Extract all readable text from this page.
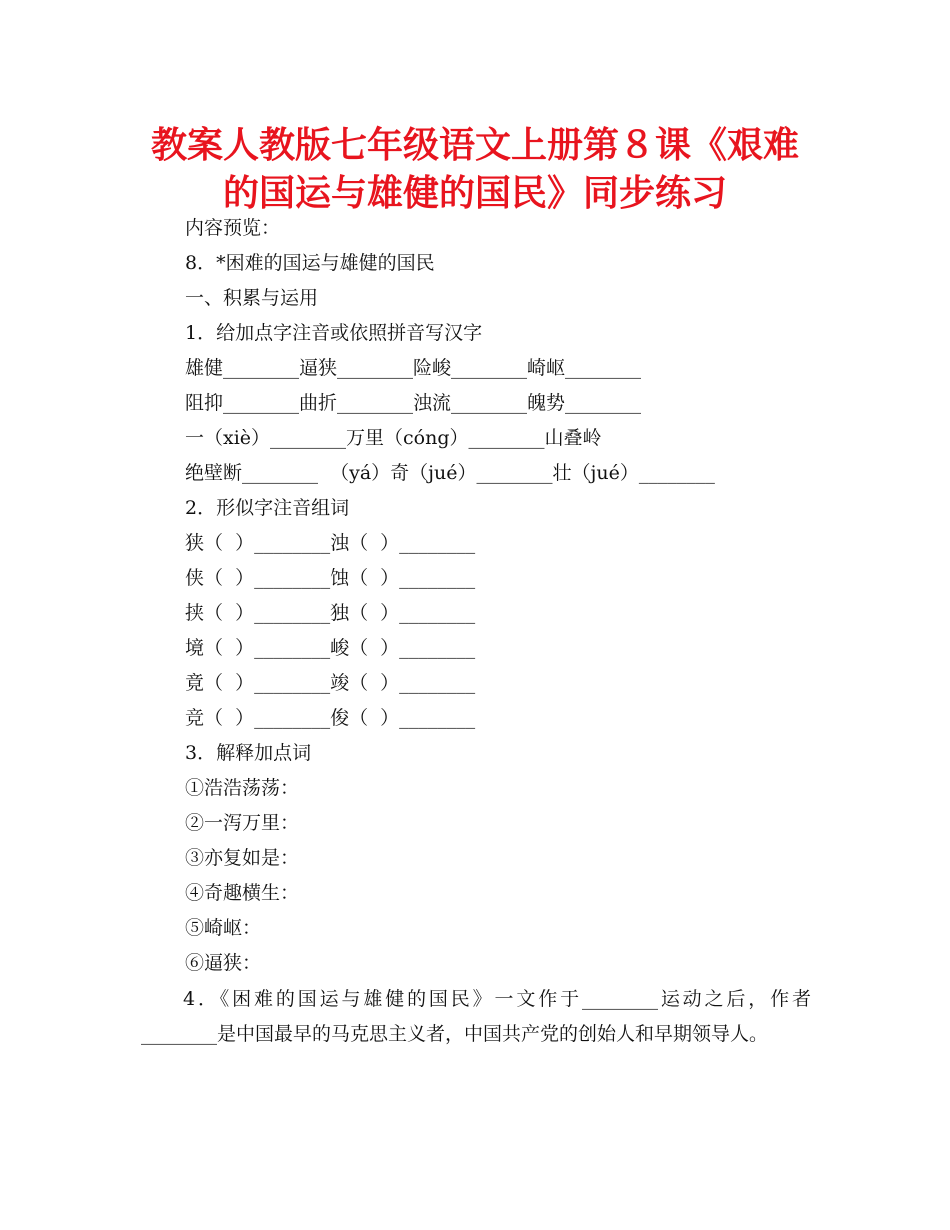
教案人教版七年级语文上册第８课《艰难
的国运与雄健的国民》同步练习
内容预览：
8．*困难的国运与雄健的国民
一、积累与运用
1．给加点字注音或依照拼音写汉字
雄健________逼狭________险峻________崎岖________
阻抑________曲折________浊流________魄势________
一（xiè）________万里（cóng）________山叠岭
绝壁断________  （yá）奇（jué）________壮（jué）________
2．形似字注音组词
狭（  ）________浊（  ）________
侠（  ）________蚀（  ）________
挟（  ）________独（  ）________
境（  ）________峻（  ）________
竟（  ）________竣（  ）________
竞（  ）________俊（  ）________
3．解释加点词
①浩浩荡荡：
②一泻万里：
③亦复如是：
④奇趣横生：
⑤崎岖：
⑥逼狭：
4．《困难的国运与雄健的国民》一文作于________运动之后，作者________是中国最早的马克思主义者，中国共产党的创始人和早期领导人。
